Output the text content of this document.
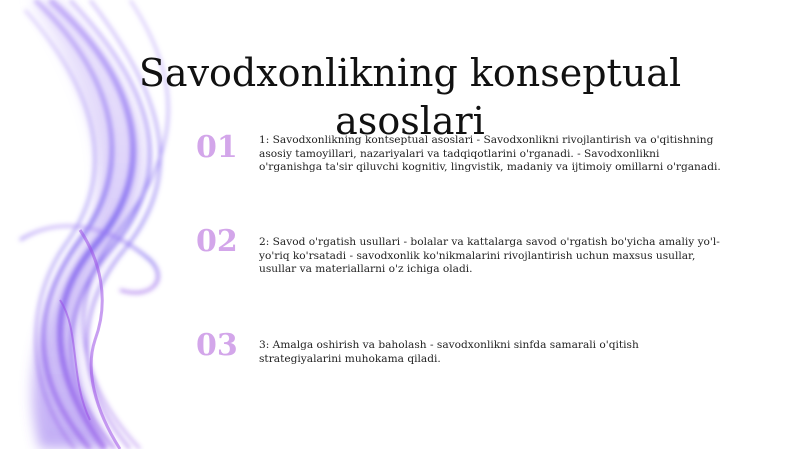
Savodxonlikning konseptual asoslari
01	1: Savodxonlikning kontseptual asoslari - Savodxonlikni rivojlantirish va o'qitishning asosiy tamoyillari, nazariyalari va tadqiqotlarini o'rganadi. - Savodxonlikni o'rganishga ta'sir qiluvchi kognitiv, lingvistik, madaniy va ijtimoiy omillarni o'rganadi.
02	2: Savod o'rgatish usullari - bolalar va kattalarga savod o'rgatish bo'yicha amaliy yo'l-yo'riq ko'rsatadi - savodxonlik ko'nikmalarini rivojlantirish uchun maxsus usullar, usullar va materiallarni o'z ichiga oladi.
03	3: Amalga oshirish va baholash - savodxonlikni sinfda samarali o'qitish strategiyalarini muhokama qiladi.
